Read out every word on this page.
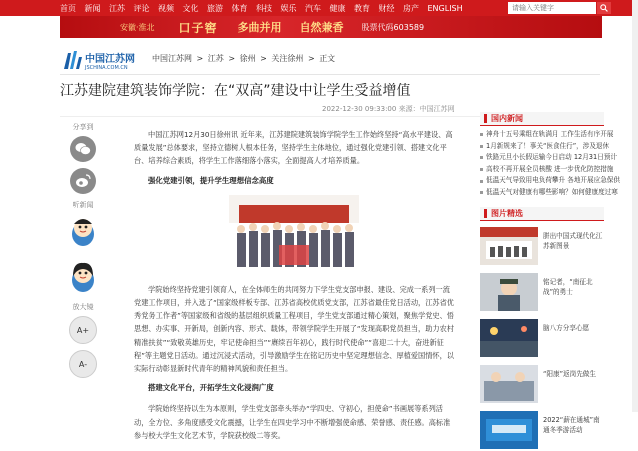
首页	新闻	江苏	评论	视频	文化	旅游	体育	科技	娱乐	汽车	健康	教育	财经	房产	ENGLISH
请输入关键字
安徽·淮北 口子窖 多曲并用 自然兼香 股票代码603589
中国江苏网
JSCHINA.COM.CN
中国江苏网 > 江苏 > 徐州 > 关注徐州 > 正文
江苏建院建筑装饰学院：在“双高”建设中让学生受益增值
2022-12-30 09:33:00 来源：中国江苏网
分享到
听新闻

放大镜
A+
A-

中国江苏网12月30日徐州讯 近年来，江苏建院建筑装饰学院学生工作始终坚持“高水平建设、高质量发展”总体要求，坚持立德树人根本任务，坚持学生主体地位，通过强化党建引领、搭建文化平台、培养综合素质，将学生工作落细落小落实，全面提高人才培养质量。

强化党建引领，提升学生理想信念高度

学院始终坚持党建引领育人，在全体师生的共同努力下学生党支部申报、建设、完成一系列一流党建工作项目，并入选了“国家级样板专部、江苏省高校优质党支部，江苏省最佳党日活动，江苏省优秀党务工作者”等国家级和省级的基层组织质量工程项目，学生党支部通过精心策划，聚焦学党史、悟思想、办实事、开新局，创新内容、形式、载体，带领学院学生开展了“发现高职党员担当，助力农村精准扶贫”“致敬英雄历史，牢记使命担当”“赓续百年初心，践行时代使命”“喜迎二十大，奋进新征程”等主题党日活动。通过沉浸式活动，引导激励学生在铭记历史中坚定理想信念、厚植爱国情怀，以实际行动彰显新时代青年的精神风貌和责任担当。

搭建文化平台，开拓学生文化浸润广度

学院始终坚持以生为本原则，学生党支部牵头举办“学四史、守初心，担使命”书画展等系列活动，全方位、多角度感受文化震撼，让学生在四史学习中不断增强使命感、荣誉感、责任感。高标准参与校大学生文化艺术节，学院获校级二等奖。

国内新闻
神舟十五号乘组在轨满月 工作生活有序开展
1月新规来了！事关“医食住行”，涉及退休
铁路元旦小长假运输今日启动 12月31日预计
高校不再开展全员核酸 进一步优化防控措施
低温天气导致用电负荷攀升 各地开展应急保供
低温天气对健康有哪些影响？如何健康度过寒
图片精选
胼出中国式现代化江苏新图景
铭记者，“南征北战”的勇士
脑八方分享心愿
“阳康”返岗先做生
2022“薪在通城”南通冬季游活动
